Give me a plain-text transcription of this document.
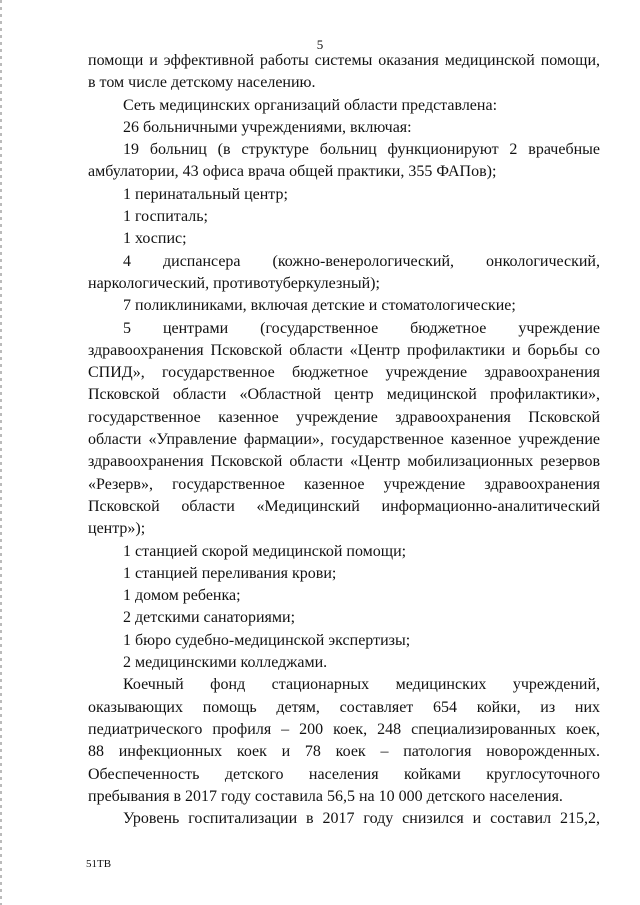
5

помощи и эффективной работы системы оказания медицинской помощи,

в том числе детскому населению.

Сеть медицинских организаций области представлена:

26 больничными учреждениями, включая:

19 больниц (в структуре больниц функционируют 2 врачебные

амбулатории, 43 офиса врача общей практики, 355 ФАПов);

1 перинатальный центр;

1 госпиталь;

1 хоспис;

4 диспансера (кожно-венерологический, онкологический,

наркологический, противотуберкулезный);

7 поликлиниками, включая детские и стоматологические;

5 центрами (государственное бюджетное учреждение

здравоохранения Псковской области «Центр профилактики и борьбы со

СПИД», государственное бюджетное учреждение здравоохранения

Псковской области «Областной центр медицинской профилактики»,

государственное казенное учреждение здравоохранения Псковской

области «Управление фармации», государственное казенное учреждение

здравоохранения Псковской области «Центр мобилизационных резервов

«Резерв», государственное казенное учреждение здравоохранения

Псковской области «Медицинский информационно-аналитический

центр»);

1 станцией скорой медицинской помощи;

1 станцией переливания крови;

1 домом ребенка;

2 детскими санаториями;

1 бюро судебно-медицинской экспертизы;

2 медицинскими колледжами.

Коечный фонд стационарных медицинских учреждений,

оказывающих помощь детям, составляет 654 койки, из них

педиатрического профиля – 200 коек, 248 специализированных коек,

88 инфекционных коек и 78 коек – патология новорожденных.

Обеспеченность детского населения койками круглосуточного

пребывания в 2017 году составила 56,5 на 10 000 детского населения.

Уровень госпитализации в 2017 году снизился и составил 215,2,

51ТВ
